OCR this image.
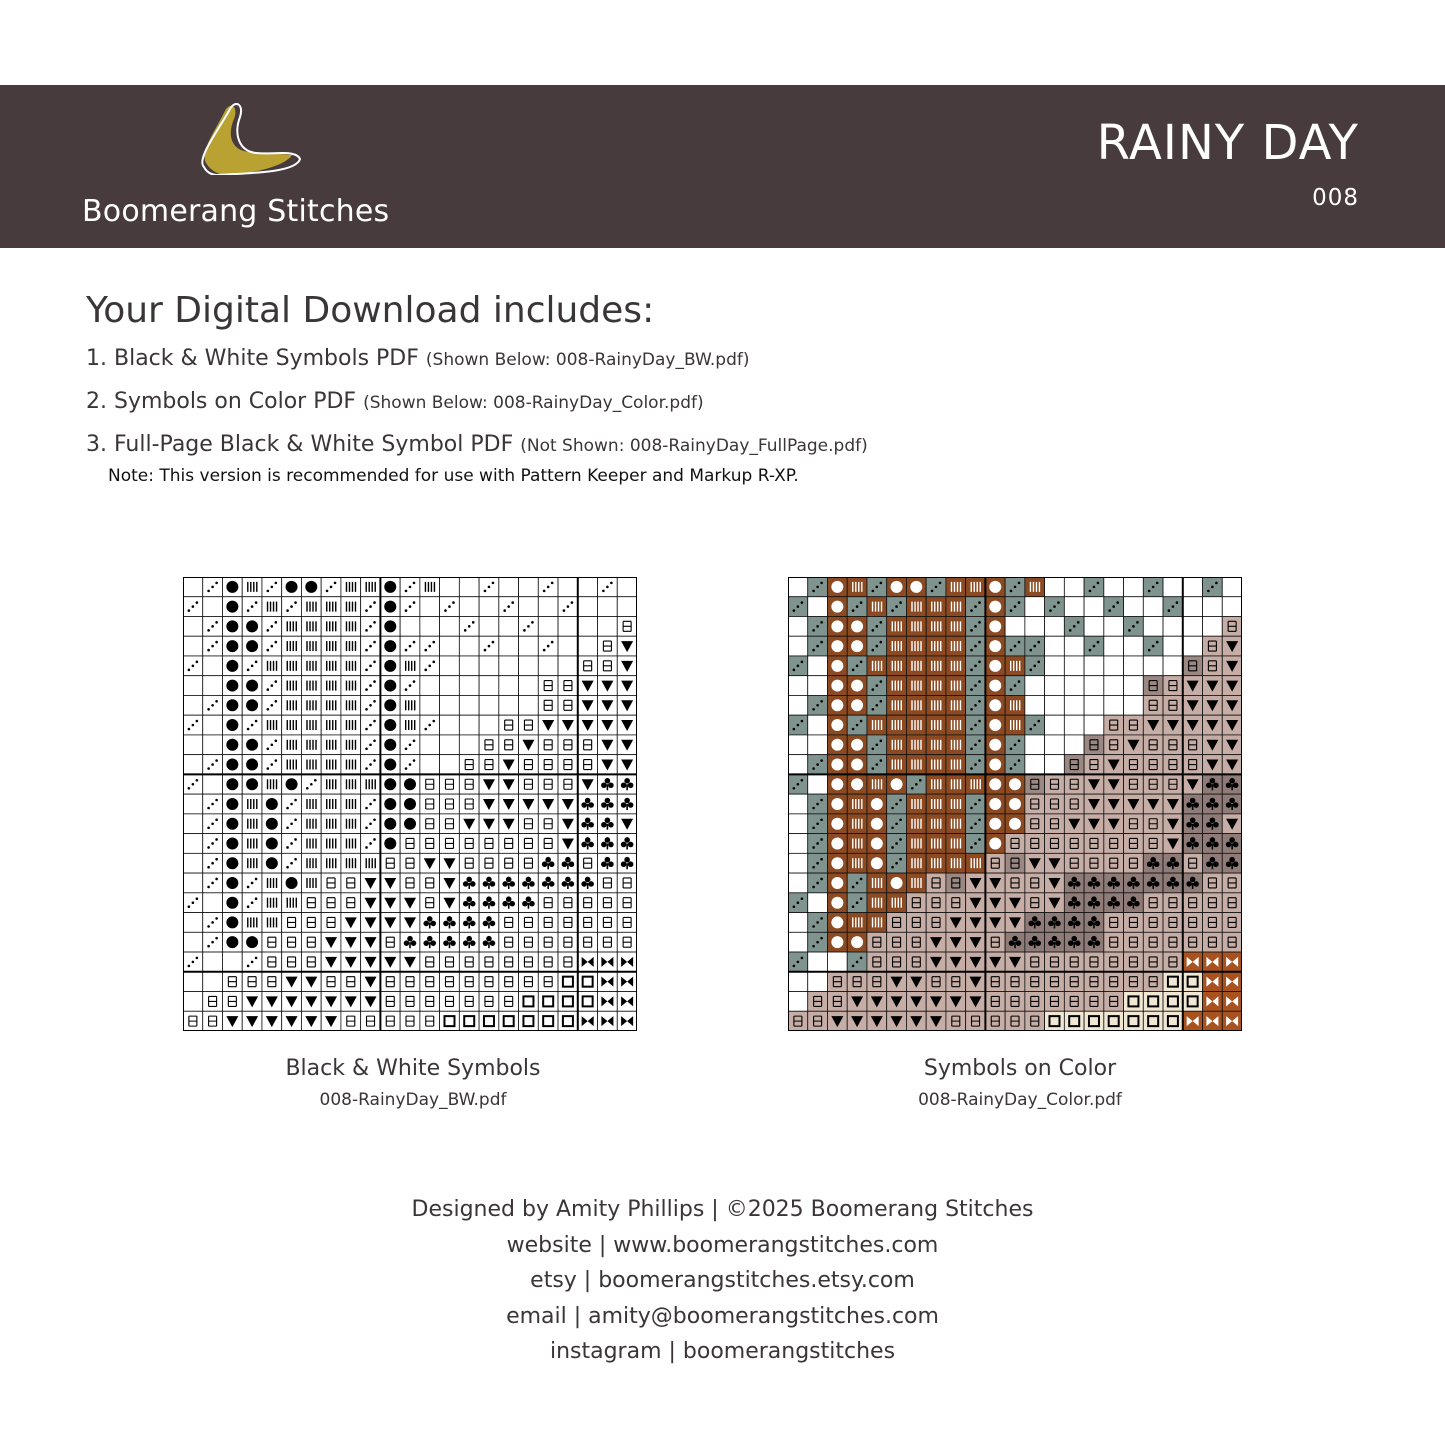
Boomerang Stitches
RAINY DAY
008
Your Digital Download includes:
1. Black & White Symbols PDF (Shown Below: 008-RainyDay_BW.pdf)
2. Symbols on Color PDF (Shown Below: 008-RainyDay_Color.pdf)
3. Full-Page Black & White Symbol PDF (Not Shown: 008-RainyDay_FullPage.pdf)
Note: This version is recommended for use with Pattern Keeper and Markup R-XP.
Black & White Symbols
008-RainyDay_BW.pdf
Symbols on Color
008-RainyDay_Color.pdf
Designed by Amity Phillips | ©2025 Boomerang Stitches
website | www.boomerangstitches.com
etsy | boomerangstitches.etsy.com
email | amity@boomerangstitches.com
instagram | boomerangstitches
